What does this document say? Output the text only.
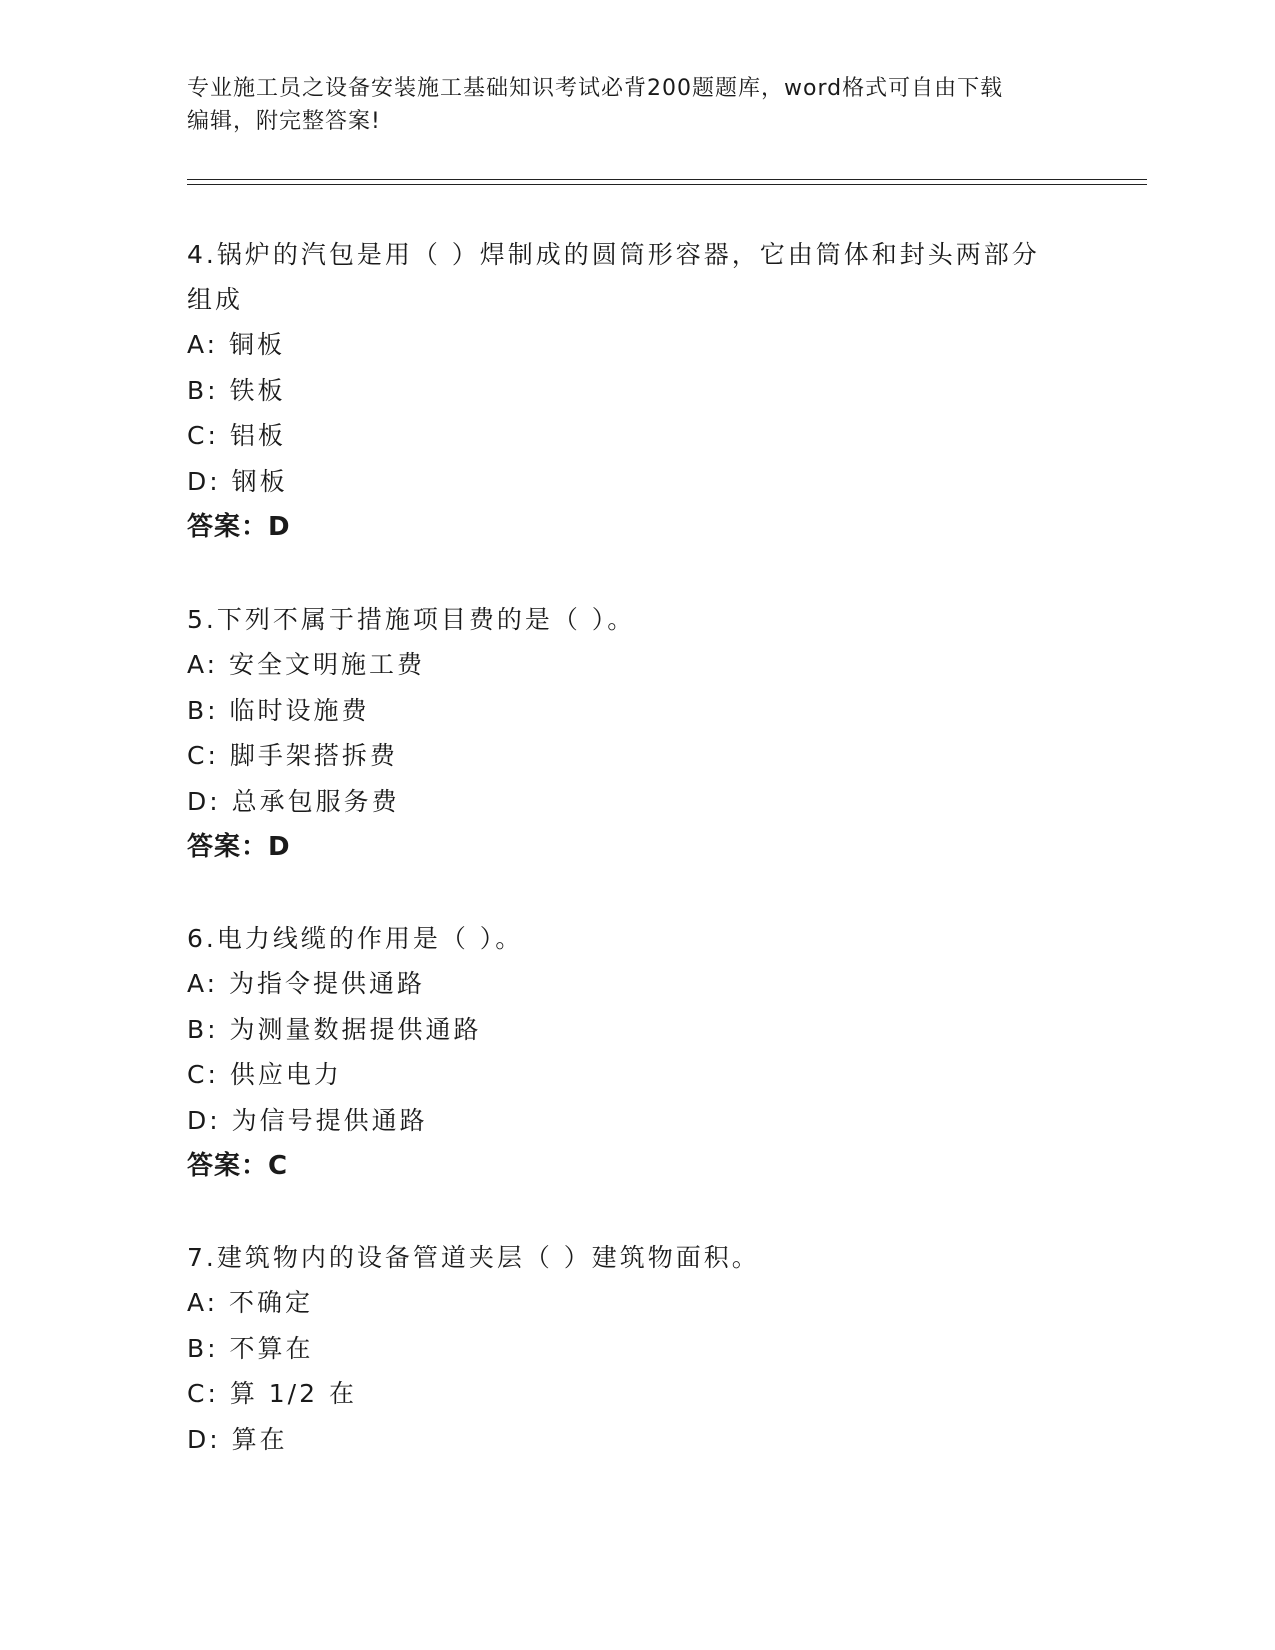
专业施工员之设备安装施工基础知识考试必背200题题库，word格式可自由下载
编辑，附完整答案!
4.锅炉的汽包是用（ ）焊制成的圆筒形容器，它由筒体和封头两部分
组成
A: 铜板
B: 铁板
C: 铝板
D: 钢板
答案：D
5.下列不属于措施项目费的是（ ）。
A: 安全文明施工费
B: 临时设施费
C: 脚手架搭拆费
D: 总承包服务费
答案：D
6.电力线缆的作用是（ ）。
A: 为指令提供通路
B: 为测量数据提供通路
C: 供应电力
D: 为信号提供通路
答案：C
7.建筑物内的设备管道夹层（ ）建筑物面积。
A: 不确定
B: 不算在
C: 算 1/2 在
D: 算在
